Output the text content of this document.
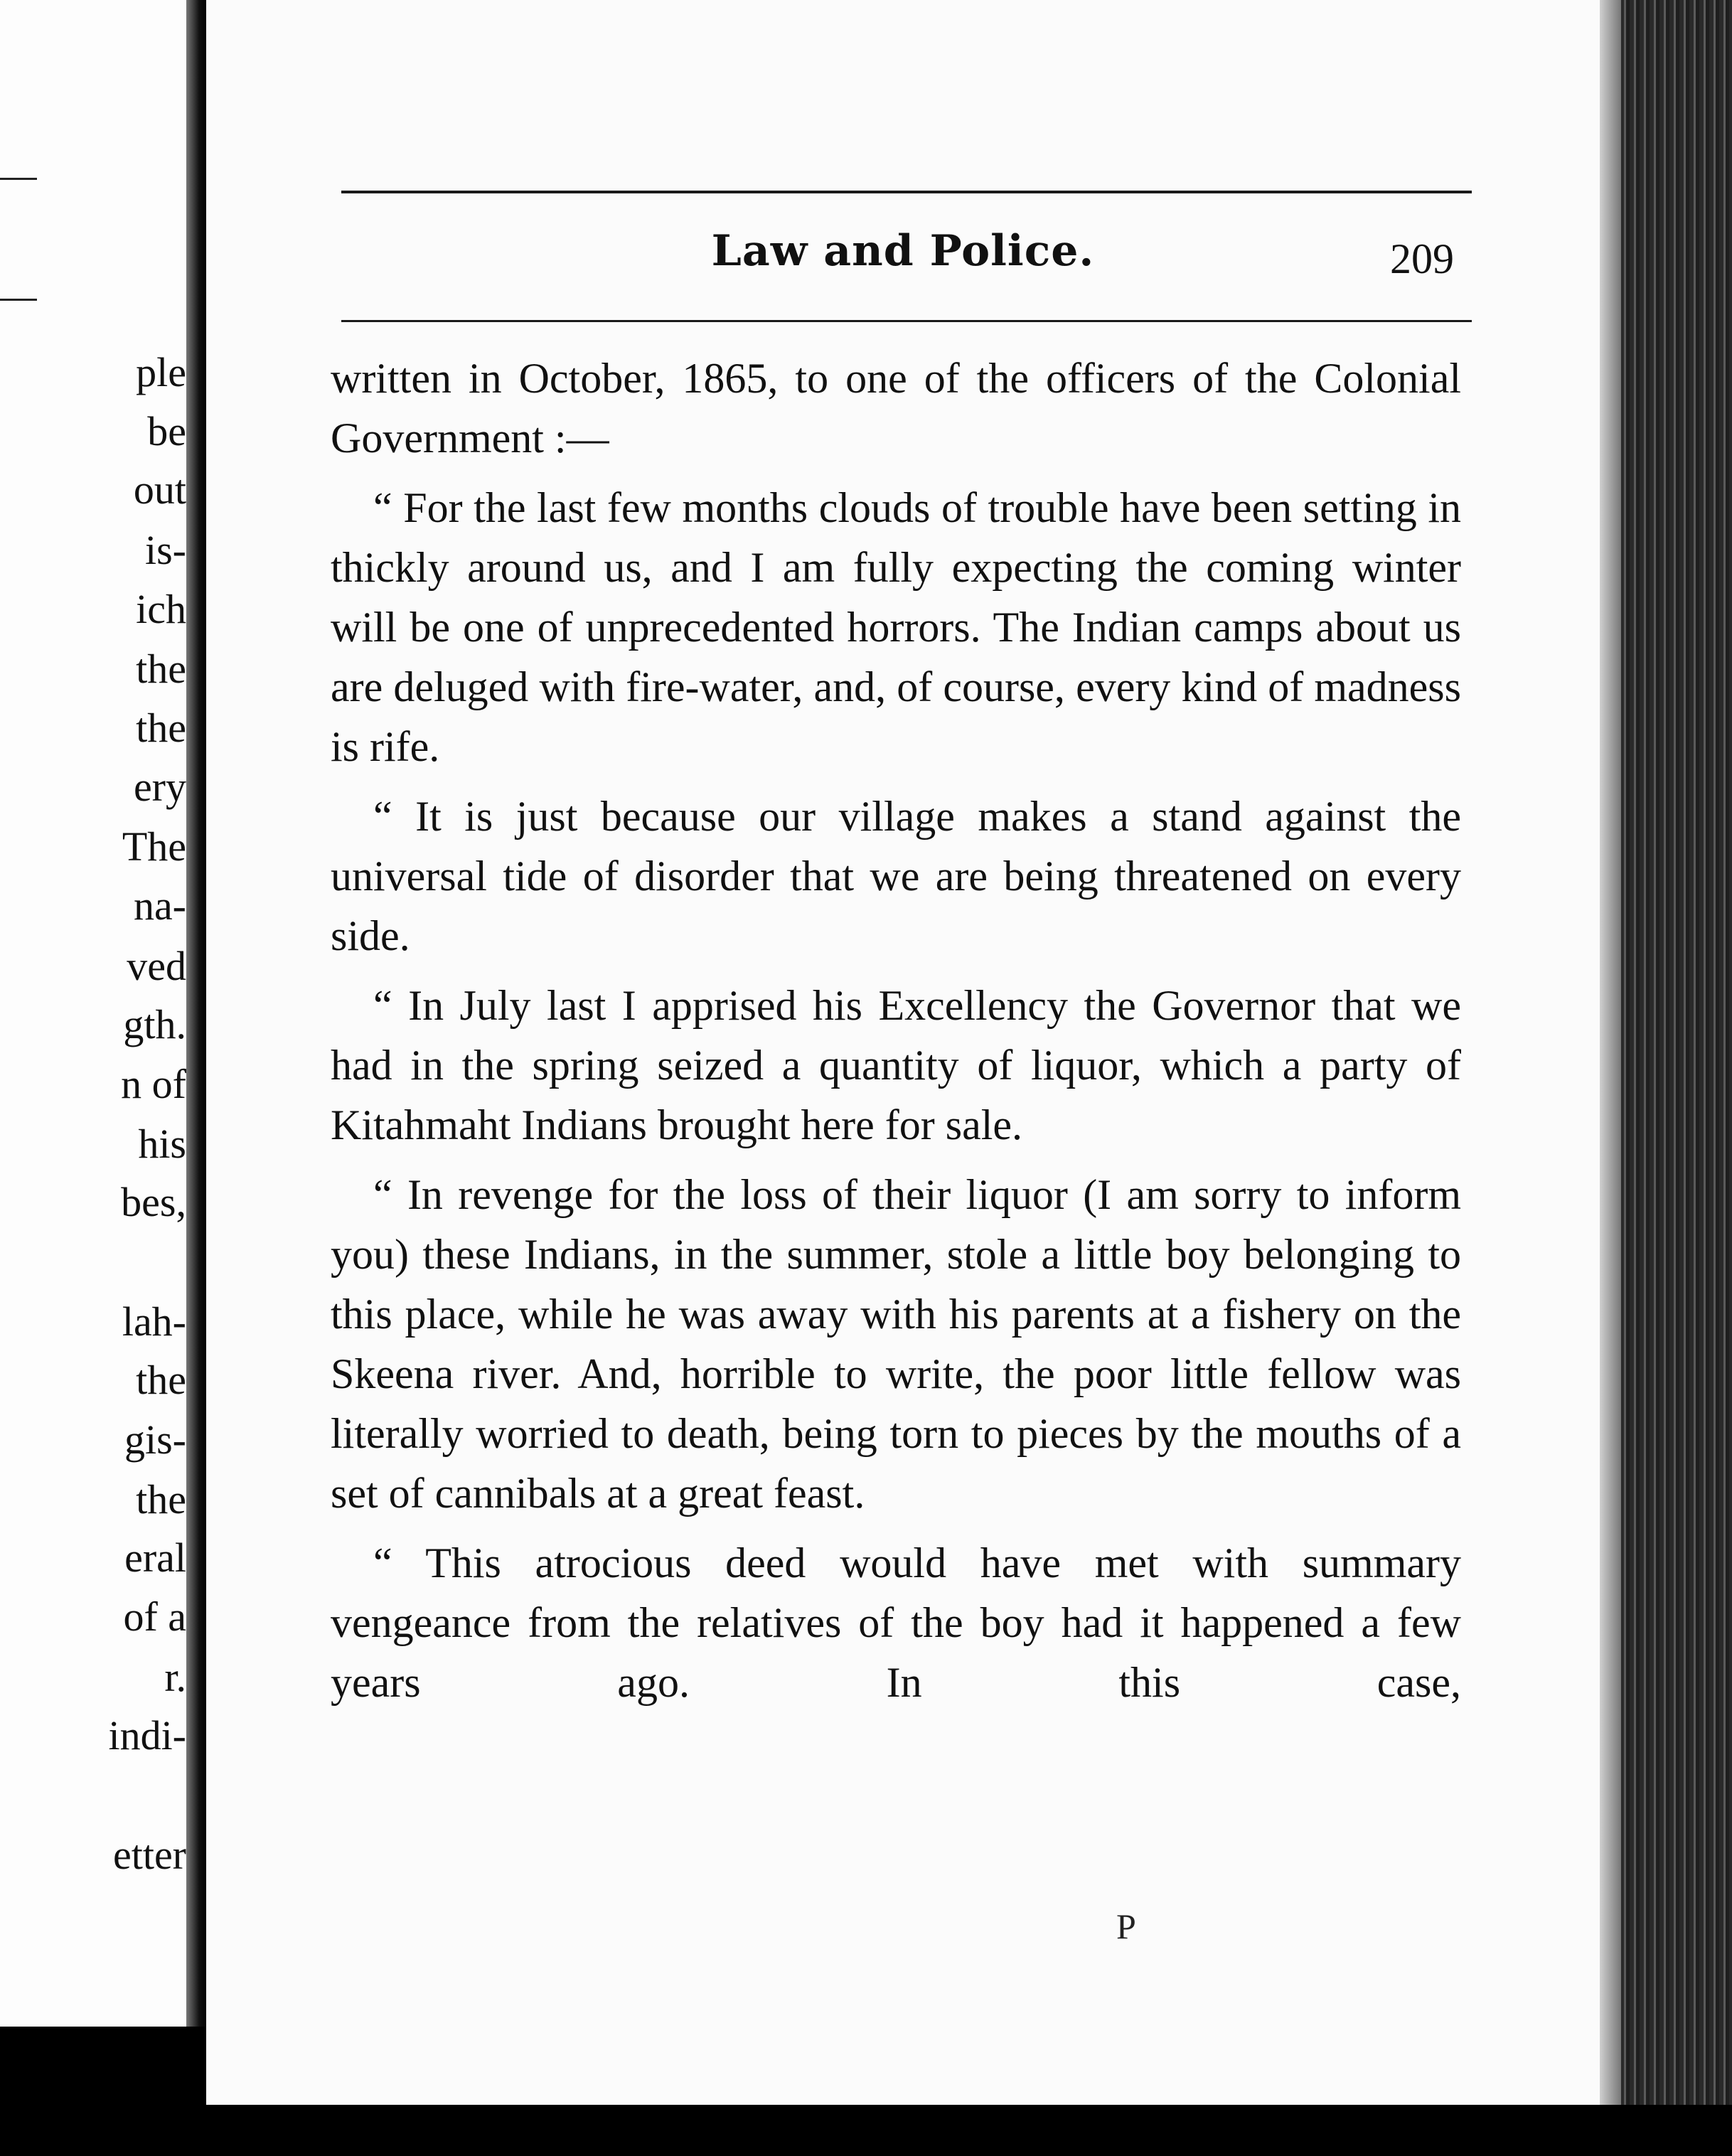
ple
be
out
is-
ich
the
the
ery
The
na-
ved
gth.
n of
his
bes,
lah-
the
gis-
the
eral
of a
r.
indi-
etter
Law and Police.	209

written in October, 1865, to one of the officers of the Colonial Government :—

“ For the last few months clouds of trouble have been setting in thickly around us, and I am fully expecting the coming winter will be one of unprecedented horrors. The Indian camps about us are deluged with fire-water, and, of course, every kind of madness is rife.

“ It is just because our village makes a stand against the universal tide of disorder that we are being threatened on every side.

“ In July last I apprised his Excellency the Governor that we had in the spring seized a quantity of liquor, which a party of Kitahmaht Indians brought here for sale.

“ In revenge for the loss of their liquor (I am sorry to inform you) these Indians, in the summer, stole a little boy belonging to this place, while he was away with his parents at a fishery on the Skeena river. And, horrible to write, the poor little fellow was literally worried to death, being torn to pieces by the mouths of a set of cannibals at a great feast.

“ This atrocious deed would have met with summary vengeance from the relatives of the boy had it happened a few years ago. In this case,

P
